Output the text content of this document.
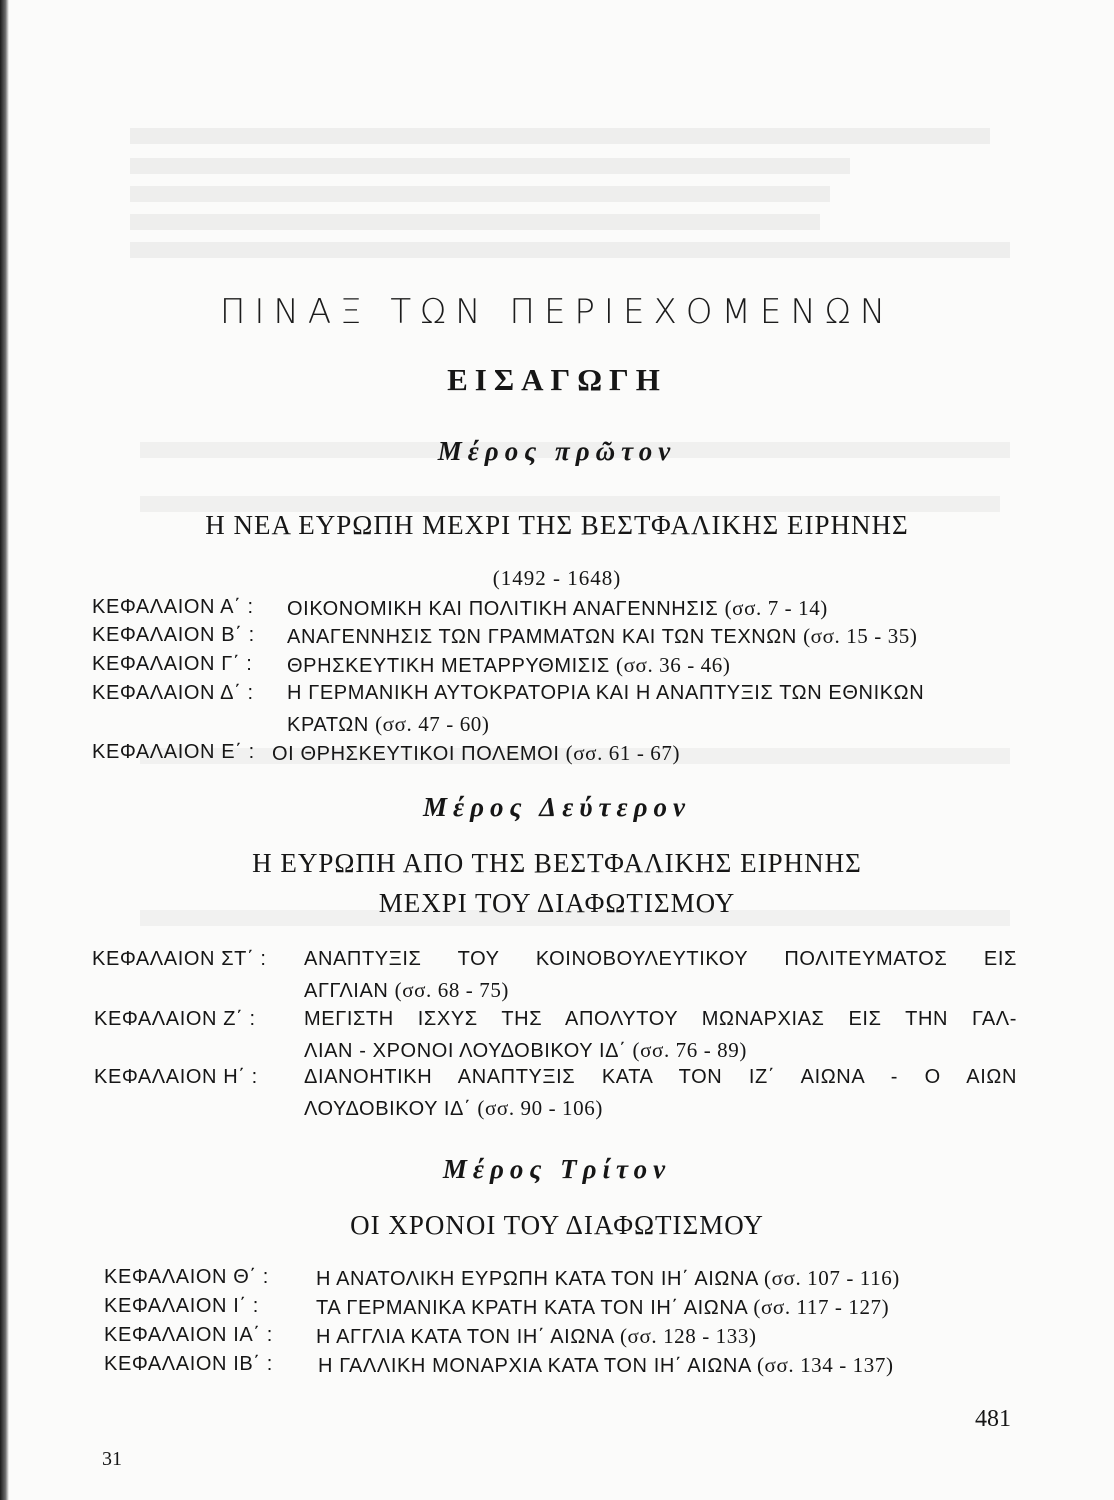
ΠΙΝΑΞ ΤΩΝ ΠΕΡΙΕΧΟΜΕΝΩΝ
ΕΙΣΑΓΩΓΗ
Μέρος πρῶτον
Η ΝΕΑ ΕΥΡΩΠΗ ΜΕΧΡΙ ΤΗΣ ΒΕΣΤΦΑΛΙΚΗΣ ΕΙΡΗΝΗΣ
(1492 - 1648)
ΚΕΦΑΛΑΙΟΝ Α΄ : ΟΙΚΟΝΟΜΙΚΗ ΚΑΙ ΠΟΛΙΤΙΚΗ ΑΝΑΓΕΝΝΗΣΙΣ (σσ. 7 - 14)
ΚΕΦΑΛΑΙΟΝ Β΄ : ΑΝΑΓΕΝΝΗΣΙΣ ΤΩΝ ΓΡΑΜΜΑΤΩΝ ΚΑΙ ΤΩΝ ΤΕΧΝΩΝ (σσ. 15 - 35)
ΚΕΦΑΛΑΙΟΝ Γ΄ : ΘΡΗΣΚΕΥΤΙΚΗ ΜΕΤΑΡΡΥΘΜΙΣΙΣ (σσ. 36 - 46)
ΚΕΦΑΛΑΙΟΝ Δ΄ : Η ΓΕΡΜΑΝΙΚΗ ΑΥΤΟΚΡΑΤΟΡΙΑ ΚΑΙ Η ΑΝΑΠΤΥΞΙΣ ΤΩΝ ΕΘΝΙΚΩΝ
ΚΡΑΤΩΝ (σσ. 47 - 60)
ΚΕΦΑΛΑΙΟΝ Ε΄ : ΟΙ ΘΡΗΣΚΕΥΤΙΚΟΙ ΠΟΛΕΜΟΙ (σσ. 61 - 67)
Μέρος Δεύτερον
Η ΕΥΡΩΠΗ ΑΠΟ ΤΗΣ ΒΕΣΤΦΑΛΙΚΗΣ ΕΙΡΗΝΗΣ
ΜΕΧΡΙ ΤΟΥ ΔΙΑΦΩΤΙΣΜΟΥ
ΚΕΦΑΛΑΙΟΝ ΣΤ΄ : ΑΝΑΠΤΥΞΙΣ ΤΟΥ ΚΟΙΝΟΒΟΥΛΕΥΤΙΚΟΥ ΠΟΛΙΤΕΥΜΑΤΟΣ ΕΙΣ
ΑΓΓΛΙΑΝ (σσ. 68 - 75)
ΚΕΦΑΛΑΙΟΝ Ζ΄ : ΜΕΓΙΣΤΗ ΙΣΧΥΣ ΤΗΣ ΑΠΟΛΥΤΟΥ ΜΩΝΑΡΧΙΑΣ ΕΙΣ ΤΗΝ ΓΑΛ-
ΛΙΑΝ - ΧΡΟΝΟΙ ΛΟΥΔΟΒΙΚΟΥ ΙΔ΄ (σσ. 76 - 89)
ΚΕΦΑΛΑΙΟΝ Η΄ : ΔΙΑΝΟΗΤΙΚΗ ΑΝΑΠΤΥΞΙΣ ΚΑΤΑ ΤΟΝ ΙΖ΄ ΑΙΩΝΑ - Ο ΑΙΩΝ
ΛΟΥΔΟΒΙΚΟΥ ΙΔ΄ (σσ. 90 - 106)
Μέρος Τρίτον
ΟΙ ΧΡΟΝΟΙ ΤΟΥ ΔΙΑΦΩΤΙΣΜΟΥ
ΚΕΦΑΛΑΙΟΝ Θ΄ : Η ΑΝΑΤΟΛΙΚΗ ΕΥΡΩΠΗ ΚΑΤΑ ΤΟΝ ΙΗ΄ ΑΙΩΝΑ (σσ. 107 - 116)
ΚΕΦΑΛΑΙΟΝ Ι΄ :	ΤΑ ΓΕΡΜΑΝΙΚΑ ΚΡΑΤΗ ΚΑΤΑ ΤΟΝ ΙΗ΄ ΑΙΩΝΑ (σσ. 117 - 127)
ΚΕΦΑΛΑΙΟΝ ΙΑ΄ : Η ΑΓΓΛΙΑ ΚΑΤΑ ΤΟΝ ΙΗ΄ ΑΙΩΝΑ (σσ. 128 - 133)
ΚΕΦΑΛΑΙΟΝ ΙΒ΄ : Η ΓΑΛΛΙΚΗ ΜΟΝΑΡΧΙΑ ΚΑΤΑ ΤΟΝ ΙΗ΄ ΑΙΩΝΑ (σσ. 134 - 137)
481
31
